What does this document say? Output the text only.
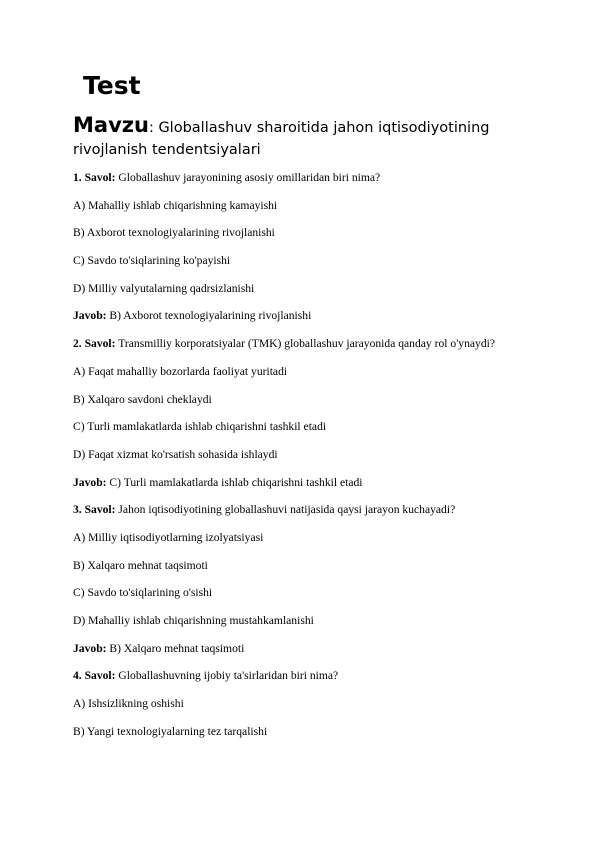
Test
Mavzu: Globallashuv sharoitida jahon iqtisodiyotining rivojlanish tendentsiyalari
1. Savol: Globallashuv jarayonining asosiy omillaridan biri nima?
A) Mahalliy ishlab chiqarishning kamayishi
B) Axborot texnologiyalarining rivojlanishi
C) Savdo to'siqlarining ko'payishi
D) Milliy valyutalarning qadrsizlanishi
Javob: B) Axborot texnologiyalarining rivojlanishi
2. Savol: Transmilliy korporatsiyalar (TMK) globallashuv jarayonida qanday rol o'ynaydi?
A) Faqat mahalliy bozorlarda faoliyat yuritadi
B) Xalqaro savdoni cheklaydi
C) Turli mamlakatlarda ishlab chiqarishni tashkil etadi
D) Faqat xizmat ko'rsatish sohasida ishlaydi
Javob: C) Turli mamlakatlarda ishlab chiqarishni tashkil etadi
3. Savol: Jahon iqtisodiyotining globallashuvi natijasida qaysi jarayon kuchayadi?
A) Milliy iqtisodiyotlarning izolyatsiyasi
B) Xalqaro mehnat taqsimoti
C) Savdo to'siqlarining o'sishi
D) Mahalliy ishlab chiqarishning mustahkamlanishi
Javob: B) Xalqaro mehnat taqsimoti
4. Savol: Globallashuvning ijobiy ta'sirlaridan biri nima?
A) Ishsizlikning oshishi
B) Yangi texnologiyalarning tez tarqalishi
